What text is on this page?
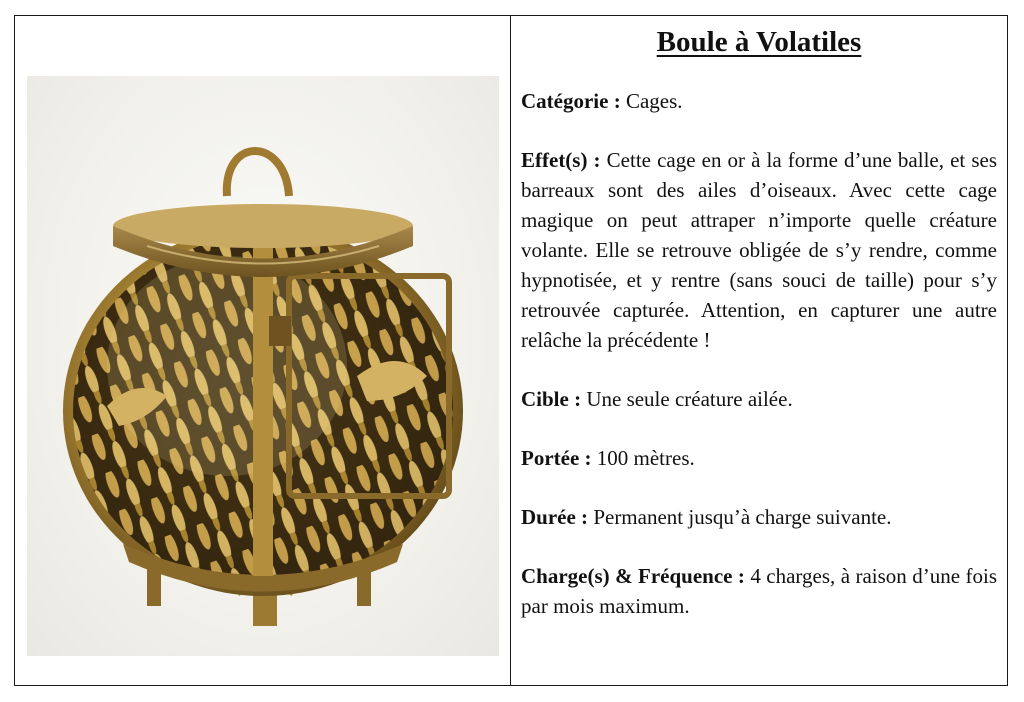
Boule à Volatiles
Catégorie : Cages.
Effet(s) : Cette cage en or à la forme d’une balle, et ses barreaux sont des ailes d’oiseaux. Avec cette cage magique on peut attraper n’importe quelle créature volante. Elle se retrouve obligée de s’y rendre, comme hypnotisée, et y rentre (sans souci de taille) pour s’y retrouvée capturée. Attention, en capturer une autre relâche la précédente !
Cible : Une seule créature ailée.
Portée : 100 mètres.
Durée : Permanent jusqu’à charge suivante.
Charge(s) & Fréquence : 4 charges, à raison d’une fois par mois maximum.
